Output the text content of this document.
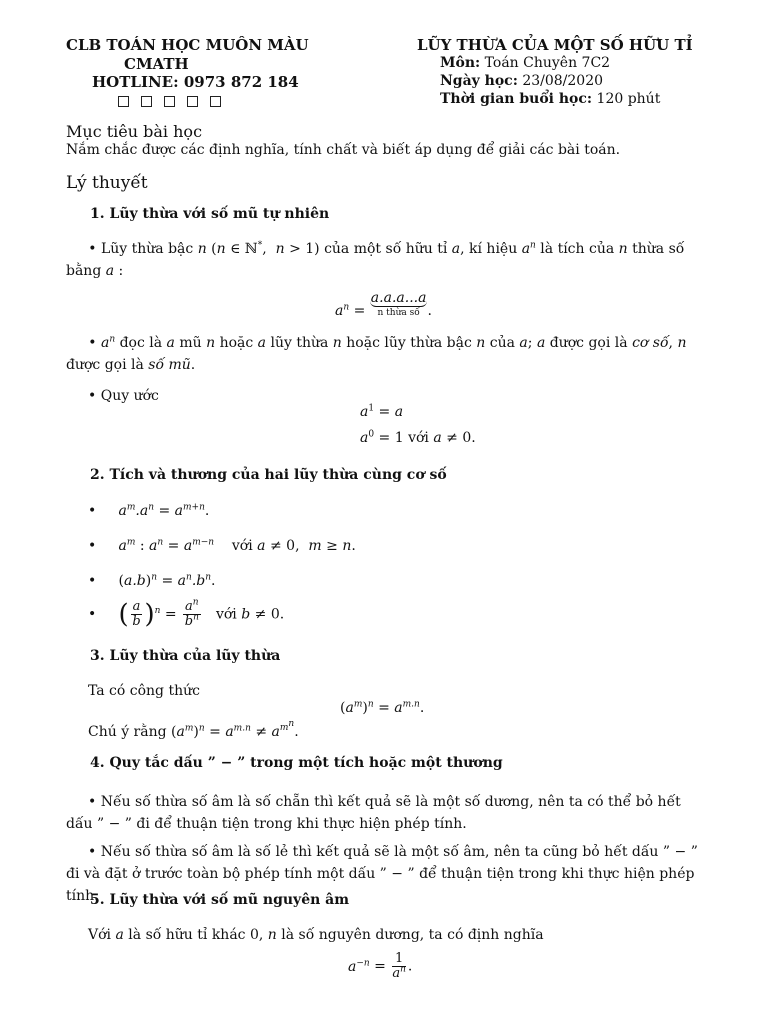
CLB TOÁN HỌC MUÔN MÀU
CMATH
HOTLINE: 0973 872 184
LŨY THỪA CỦA MỘT SỐ HỮU TỈ
Môn: Toán Chuyên 7C2
Ngày học: 23/08/2020
Thời gian buổi học: 120 phút
Mục tiêu bài học
Nắm chắc được các định nghĩa, tính chất và biết áp dụng để giải các bài toán.
Lý thuyết
1. Lũy thừa với số mũ tự nhiên
• Lũy thừa bậc n (n ∈ ℕ*,  n > 1) của một số hữu tỉ a, kí hiệu $a^n$ là tích của n thừa số bằng a :
$a^n = a.a.a...a$
n thừa số .
• $a^n$ đọc là a mũ n hoặc a lũy thừa n hoặc lũy thừa bậc n của a; a được gọi là cơ số, n được gọi là số mũ.
• Quy ước
$a^1 = a$
$a^0 = 1$ với a ≠ 0.
2. Tích và thương của hai lũy thừa cùng cơ số
•     $a^m.a^n = a^{m+n}$.
•     $a^m$ : $a^n = a^{m-n}$ với a ≠ 0,  m ≥ n.
•     $(a.b)^n = a^n.b^n$.
•     ( $\frac{a}{b} )^n = \frac{a^n}{b^n}$ với b ≠ 0.
3. Lũy thừa của lũy thừa
Ta có công thức
$(a^m)^n = a^{m.n}$.
Chú ý rằng $(a^m)^n = a^{m.n} \ne a^{m^n}$.
4. Quy tắc dấu ” − ” trong một tích hoặc một thương
• Nếu số thừa số âm là số chẵn thì kết quả sẽ là một số dương, nên ta có thể bỏ hết dấu ” − ” đi để thuận tiện trong khi thực hiện phép tính.
• Nếu số thừa số âm là số lẻ thì kết quả sẽ là một số âm, nên ta cũng bỏ hết dấu ” − ” đi và đặt ở trước toàn bộ phép tính một dấu ” − ” để thuận tiện trong khi thực hiện phép tính.
5. Lũy thừa với số mũ nguyên âm
Với a là số hữu tỉ khác 0, n là số nguyên dương, ta có định nghĩa
$a^{-n} = \frac{1}{a^n}$ .
